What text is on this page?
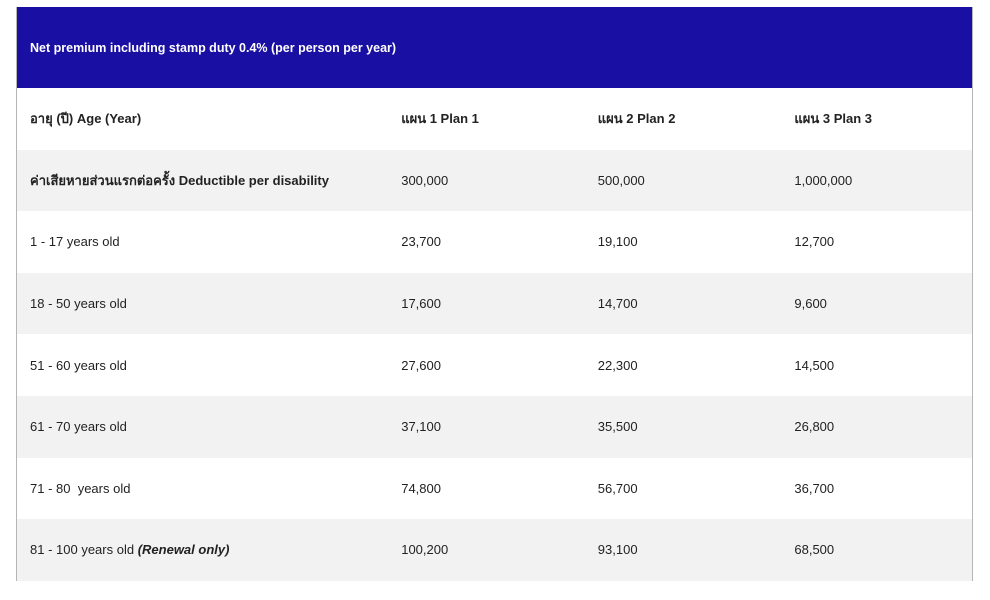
Net premium including stamp duty 0.4% (per person per year)
อายุ (ปี) Age (Year)	แผน 1 Plan 1	แผน 2 Plan 2	แผน 3 Plan 3
ค่าเสียหายส่วนแรกต่อครั้ง Deductible per disability	300,000	500,000	1,000,000
1 - 17 years old	23,700	19,100	12,700
18 - 50 years old	17,600	14,700	9,600
51 - 60 years old	27,600	22,300	14,500
61 - 70 years old	37,100	35,500	26,800
71 - 80  years old	74,800	56,700	36,700
81 - 100 years old (Renewal only)	100,200	93,100	68,500
